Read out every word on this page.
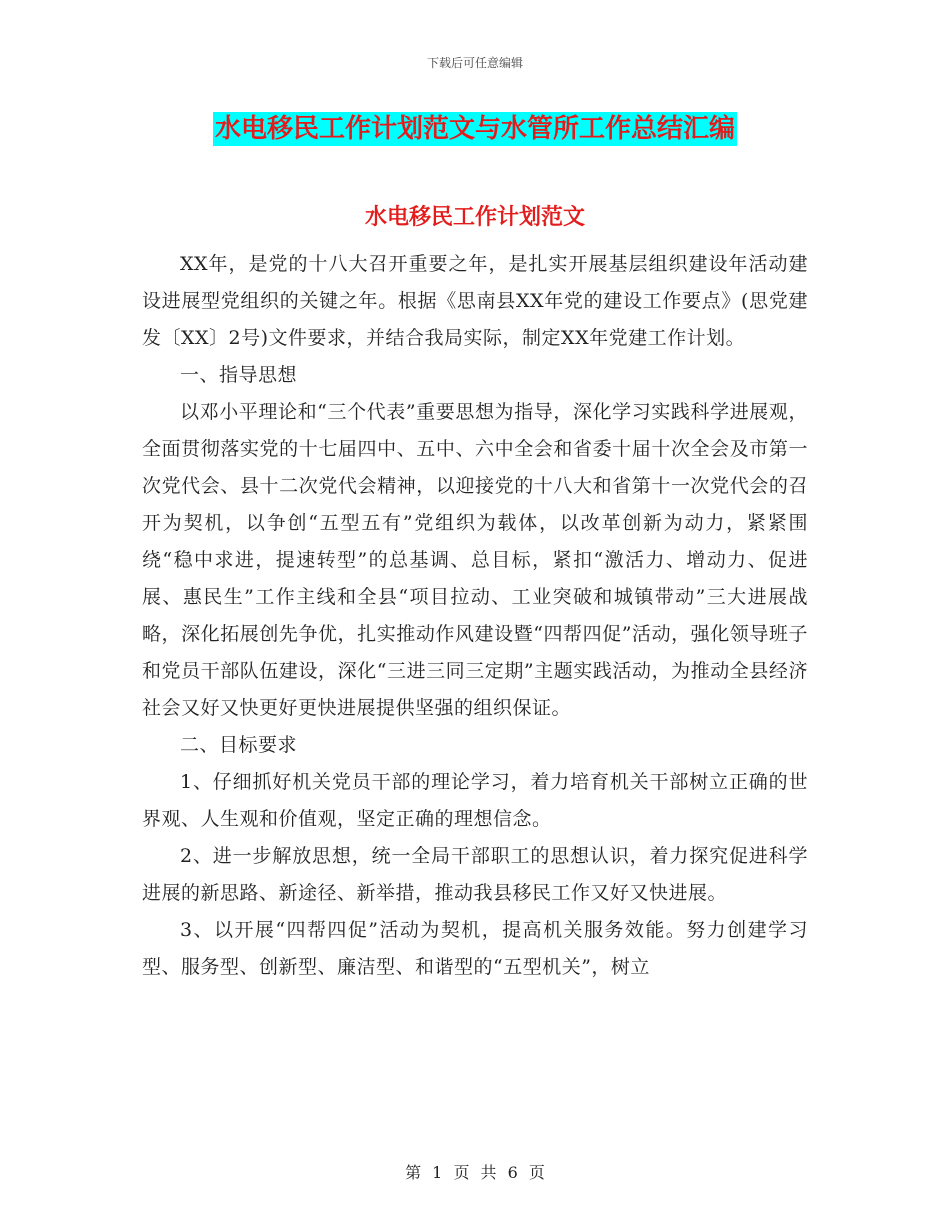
下载后可任意编辑
水电移民工作计划范文与水管所工作总结汇编
水电移民工作计划范文

XX年，是党的十八大召开重要之年，是扎实开展基层组织建设年活动建设进展型党组织的关键之年。根据《思南县XX年党的建设工作要点》(思党建发〔XX〕2号)文件要求，并结合我局实际，制定XX年党建工作计划。

一、指导思想

以邓小平理论和“三个代表”重要思想为指导，深化学习实践科学进展观，全面贯彻落实党的十七届四中、五中、六中全会和省委十届十次全会及市第一次党代会、县十二次党代会精神，以迎接党的十八大和省第十一次党代会的召开为契机，以争创“五型五有”党组织为载体，以改革创新为动力，紧紧围绕“稳中求进，提速转型”的总基调、总目标，紧扣“激活力、增动力、促进展、惠民生”工作主线和全县“项目拉动、工业突破和城镇带动”三大进展战略，深化拓展创先争优，扎实推动作风建设暨“四帮四促”活动，强化领导班子和党员干部队伍建设，深化“三进三同三定期”主题实践活动，为推动全县经济社会又好又快更好更快进展提供坚强的组织保证。

二、目标要求

1、仔细抓好机关党员干部的理论学习，着力培育机关干部树立正确的世界观、人生观和价值观，坚定正确的理想信念。

2、进一步解放思想，统一全局干部职工的思想认识，着力探究促进科学进展的新思路、新途径、新举措，推动我县移民工作又好又快进展。

3、以开展“四帮四促”活动为契机，提高机关服务效能。努力创建学习型、服务型、创新型、廉洁型、和谐型的“五型机关”，树立

第 1 页 共 6 页
